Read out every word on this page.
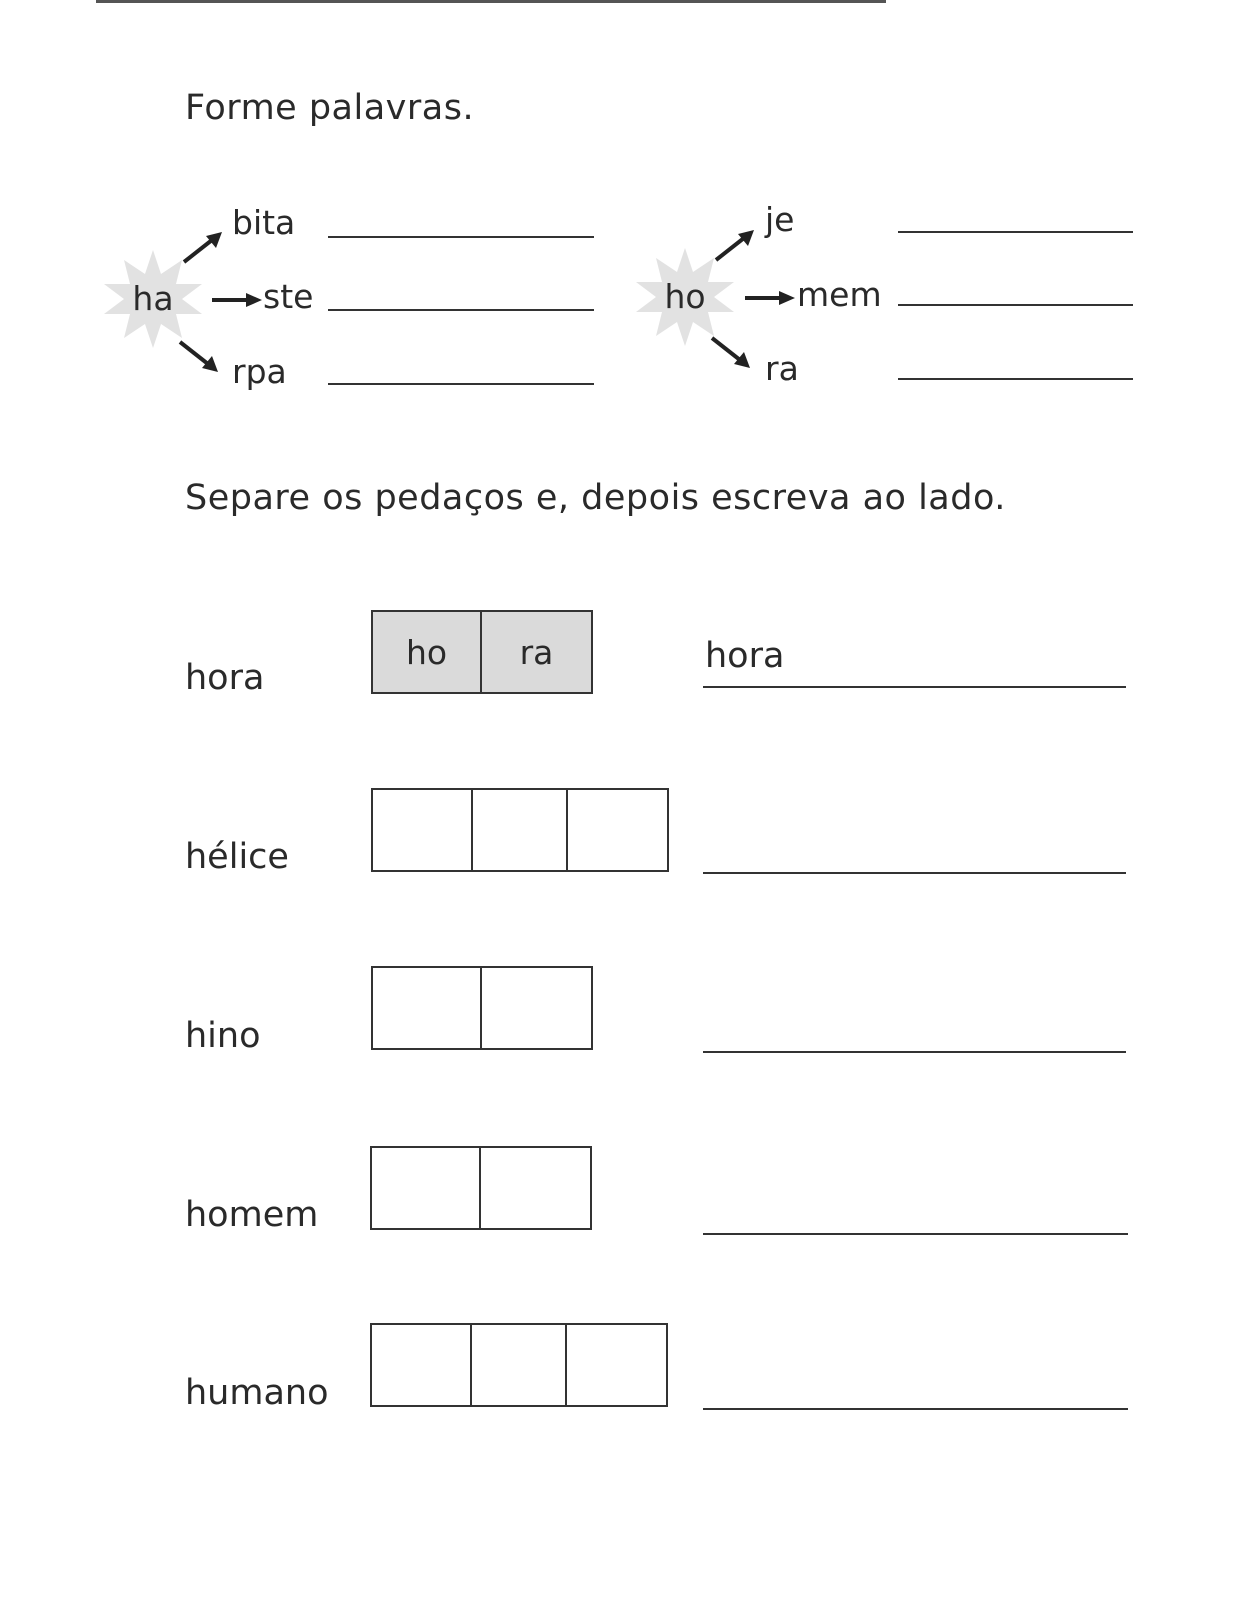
Forme palavras.
ha
bita
ste
rpa
ho
je
mem
ra
Separe os pedaços e, depois escreva ao lado.
hora
ho	ra	hora
hélice
hino
homem
humano
